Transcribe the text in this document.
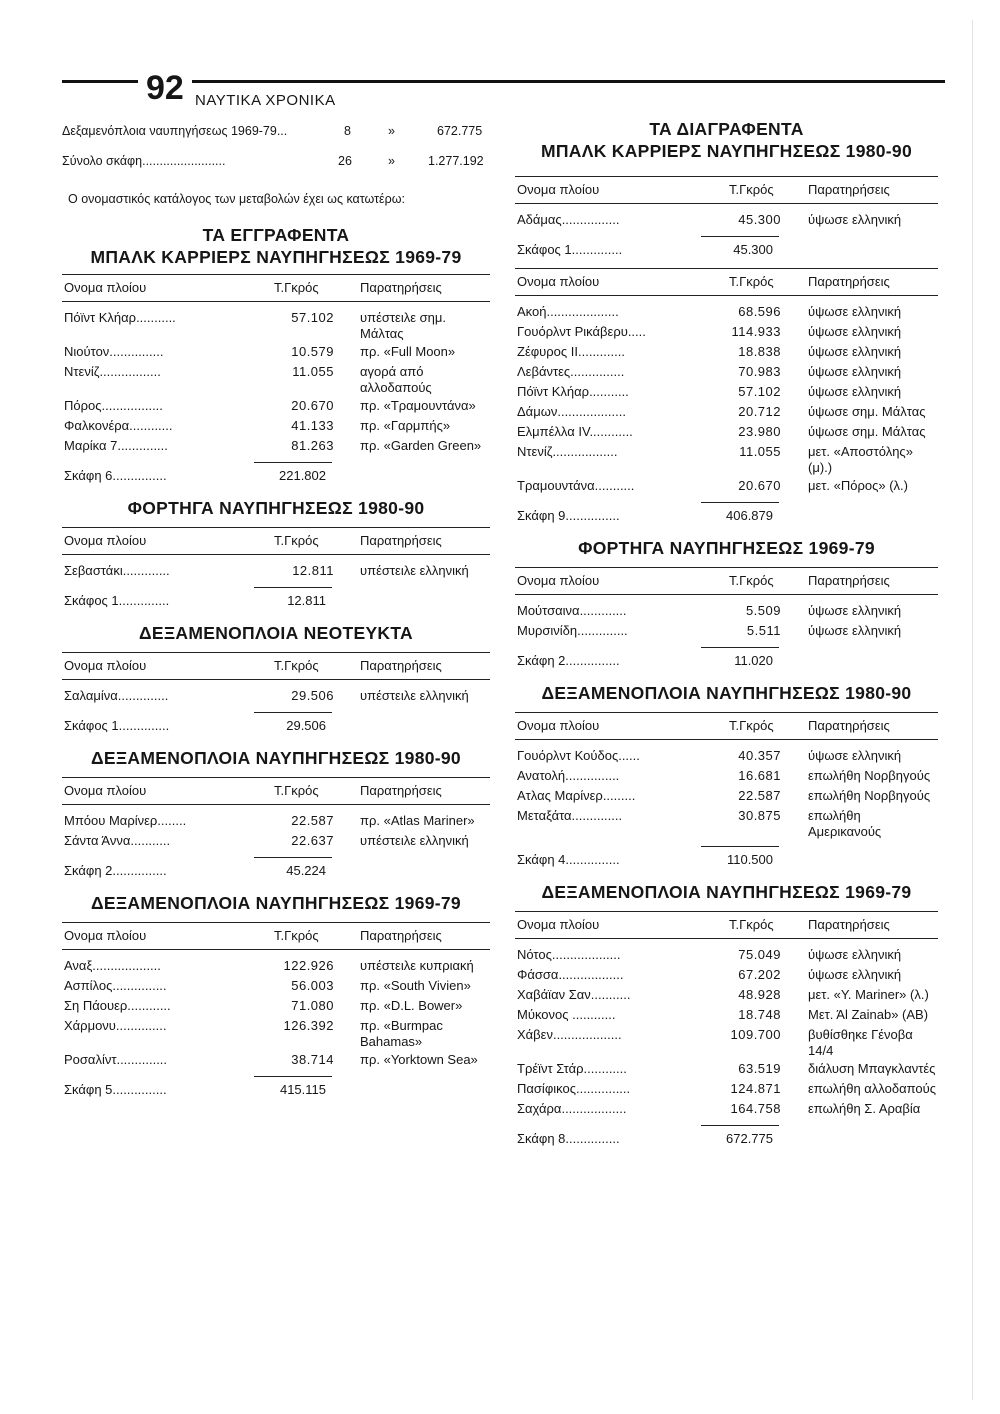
92 ΝΑΥΤΙΚΑ ΧΡΟΝΙΚΑ
Δεξαμενόπλοια ναυπηγήσεως 1969-79...	8	»	672.775
Σύνολο σκάφη........................	26	»	1.277.192
Ο ονομαστικός κατάλογος των μεταβολών έχει ως κατωτέρω:
ΤΑ ΕΓΓΡΑΦΕΝΤΑ
ΜΠΑΛΚ ΚΑΡΡΙΕΡΣ ΝΑΥΠΗΓΗΣΕΩΣ 1969-79
Ονομα πλοίου	Τ.Γκρός	Παρατηρήσεις
Πόϊντ Κλήαρ...........	57.102 υπέστειλε σημ. Μάλτας
Νιούτον...............	10.579 πρ. «Full Moon»
Ντενίζ.................	11.055 αγορά από αλλοδαπούς
Πόρος.................	20.670 πρ. «Τραμουντάνα»
Φαλκονέρα............	41.133 πρ. «Γαρμπής»
Μαρίκα 7..............	81.263 πρ. «Garden Green»
Σκάφη 6...............	221.802
ΦΟΡΤΗΓΑ ΝΑΥΠΗΓΗΣΕΩΣ 1980-90
Ονομα πλοίου	Τ.Γκρός	Παρατηρήσεις
Σεβαστάκι.............	12.811 υπέστειλε ελληνική
Σκάφος 1..............	12.811
ΔΕΞΑΜΕΝΟΠΛΟΙΑ ΝΕΟΤΕΥΚΤΑ
Ονομα πλοίου	Τ.Γκρός	Παρατηρήσεις
Σαλαμίνα..............	29.506 υπέστειλε ελληνική
Σκάφος 1..............	29.506
ΔΕΞΑΜΕΝΟΠΛΟΙΑ ΝΑΥΠΗΓΗΣΕΩΣ 1980-90
Ονομα πλοίου	Τ.Γκρός	Παρατηρήσεις
Μπόου Μαρίνερ........	22.587 πρ. «Atlas Mariner»
Σάντα Άννα...........	22.637 υπέστειλε ελληνική
Σκάφη 2...............	45.224
ΔΕΞΑΜΕΝΟΠΛΟΙΑ ΝΑΥΠΗΓΗΣΕΩΣ 1969-79
Ονομα πλοίου	Τ.Γκρός	Παρατηρήσεις
Αναξ...................	122.926 υπέστειλε κυπριακή
Ασπίλος...............	56.003 πρ. «South Vivien»
Ση Πάουερ............	71.080 πρ. «D.L. Bower»
Χάρμονυ..............	126.392 πρ. «Burmpac Bahamas»
Ροσαλίντ..............	38.714 πρ. «Yorktown Sea»
Σκάφη 5...............	415.115
ΤΑ ΔΙΑΓΡΑΦΕΝΤΑ
ΜΠΑΛΚ ΚΑΡΡΙΕΡΣ ΝΑΥΠΗΓΗΣΕΩΣ 1980-90
Ονομα πλοίου	Τ.Γκρός	Παρατηρήσεις
Αδάμας................	45.300 ύψωσε ελληνική
Σκάφος 1..............	45.300
Ονομα πλοίου	Τ.Γκρός	Παρατηρήσεις
Ακοή....................	68.596 ύψωσε ελληνική
Γουόρλντ Ρικάβερυ.....	114.933 ύψωσε ελληνική
Ζέφυρος ΙΙ.............	18.838 ύψωσε ελληνική
Λεβάντες...............	70.983 ύψωσε ελληνική
Πόϊντ Κλήαρ...........	57.102 ύψωσε ελληνική
Δάμων...................	20.712 ύψωσε σημ. Μάλτας
Ελμπέλλα IV............	23.980 ύψωσε σημ. Μάλτας
Ντενίζ..................	11.055 μετ. «Αποστόλης» (μ).)
Τραμουντάνα...........	20.670 μετ. «Πόρος» (λ.)
Σκάφη 9...............	406.879
ΦΟΡΤΗΓΑ ΝΑΥΠΗΓΗΣΕΩΣ 1969-79
Ονομα πλοίου	Τ.Γκρός	Παρατηρήσεις
Μούτσαινα.............	5.509 ύψωσε ελληνική
Μυρσινίδη..............	5.511 ύψωσε ελληνική
Σκάφη 2...............	11.020
ΔΕΞΑΜΕΝΟΠΛΟΙΑ ΝΑΥΠΗΓΗΣΕΩΣ 1980-90
Ονομα πλοίου	Τ.Γκρός	Παρατηρήσεις
Γουόρλντ Κούδος......	40.357 ύψωσε ελληνική
Ανατολή...............	16.681 επωλήθη Νορβηγούς
Ατλας Μαρίνερ.........	22.587 επωλήθη Νορβηγούς
Μεταξάτα..............	30.875 επωλήθη Αμερικανούς
Σκάφη 4...............	110.500
ΔΕΞΑΜΕΝΟΠΛΟΙΑ ΝΑΥΠΗΓΗΣΕΩΣ 1969-79
Ονομα πλοίου	Τ.Γκρός	Παρατηρήσεις
Νότος...................	75.049 ύψωσε ελληνική
Φάσσα..................	67.202 ύψωσε ελληνική
Χαβάϊαν Σαν...........	48.928 μετ. «Υ. Mariner» (λ.)
Μύκονος ............	18.748 Μετ. Άl Zainab» (ΑΒ)
Χάβεν...................	109.700 βυθίσθηκε Γένοβα 14/4
Τρέϊντ Στάρ............	63.519 διάλυση Μπαγκλαντές
Πασίφικος...............	124.871 επωλήθη αλλοδαπούς
Σαχάρα..................	164.758 επωλήθη Σ. Αραβία
Σκάφη 8...............	672.775
